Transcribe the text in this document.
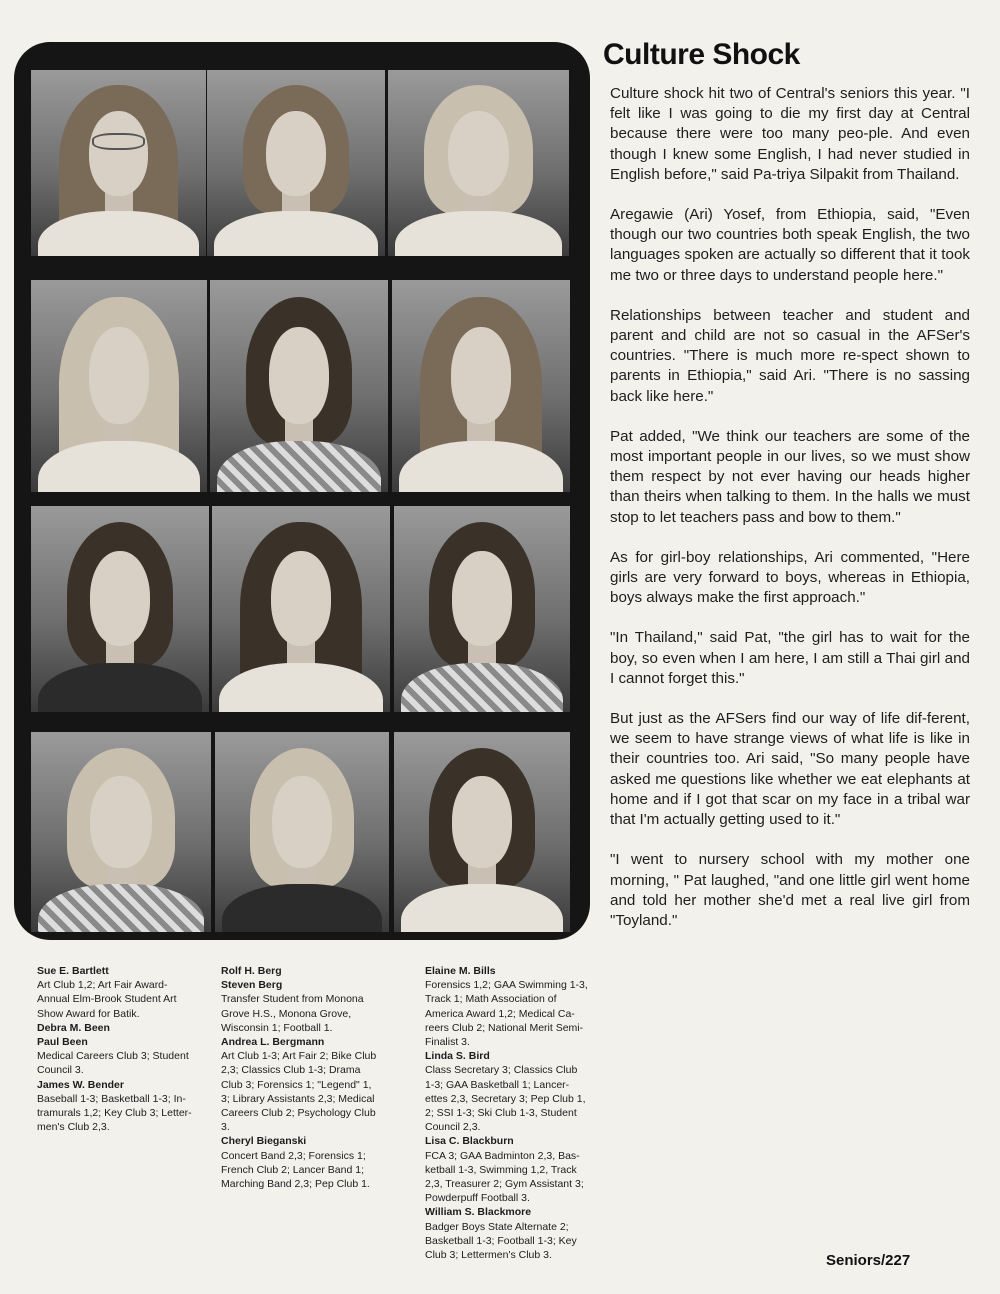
Sue E. Bartlett

Art Club 1,2; Art Fair Award-Annual Elm-Brook Student Art Show Award for Batik.

Debra M. Been

Paul Been

Medical Careers Club 3; Student Council 3.

James W. Bender

Baseball 1-3; Basketball 1-3; In-tramurals 1,2; Key Club 3; Letter-men's Club 2,3.

Rolf H. Berg

Steven Berg

Transfer Student from Monona Grove H.S., Monona Grove, Wisconsin 1; Football 1.

Andrea L. Bergmann

Art Club 1-3; Art Fair 2; Bike Club 2,3; Classics Club 1-3; Drama Club 3; Forensics 1; "Legend" 1, 3; Library Assistants 2,3; Medical Careers Club 2; Psychology Club 3.

Cheryl Bieganski

Concert Band 2,3; Forensics 1; French Club 2; Lancer Band 1; Marching Band 2,3; Pep Club 1.

Elaine M. Bills

Forensics 1,2; GAA Swimming 1-3, Track 1; Math Association of America Award 1,2; Medical Ca-reers Club 2; National Merit Semi-Finalist 3.

Linda S. Bird

Class Secretary 3; Classics Club 1-3; GAA Basketball 1; Lancer-ettes 2,3, Secretary 3; Pep Club 1, 2; SSI 1-3; Ski Club 1-3, Student Council 2,3.

Lisa C. Blackburn

FCA 3; GAA Badminton 2,3, Bas-ketball 1-3, Swimming 1,2, Track 2,3, Treasurer 2; Gym Assistant 3; Powderpuff Football 3.

William S. Blackmore

Badger Boys State Alternate 2; Basketball 1-3; Football 1-3; Key Club 3; Lettermen's Club 3.

Culture Shock

Culture shock hit two of Central's seniors this year. "I felt like I was going to die my first day at Central because there were too many peo-ple. And even though I knew some English, I had never studied in English before," said Pa-triya Silpakit from Thailand.

Aregawie (Ari) Yosef, from Ethiopia, said, "Even though our two countries both speak English, the two languages spoken are actually so different that it took me two or three days to understand people here."

Relationships between teacher and student and parent and child are not so casual in the AFSer's countries. "There is much more re-spect shown to parents in Ethiopia," said Ari. "There is no sassing back like here."

Pat added, "We think our teachers are some of the most important people in our lives, so we must show them respect by not ever having our heads higher than theirs when talking to them. In the halls we must stop to let teachers pass and bow to them."

As for girl-boy relationships, Ari commented, "Here girls are very forward to boys, whereas in Ethiopia, boys always make the first approach."

"In Thailand," said Pat, "the girl has to wait for the boy, so even when I am here, I am still a Thai girl and I cannot forget this."

But just as the AFSers find our way of life dif-ferent, we seem to have strange views of what life is like in their countries too. Ari said, "So many people have asked me questions like whether we eat elephants at home and if I got that scar on my face in a tribal war that I'm actually getting used to it."

"I went to nursery school with my mother one morning, " Pat laughed, "and one little girl went home and told her mother she'd met a real live girl from "Toyland."

Seniors/227
